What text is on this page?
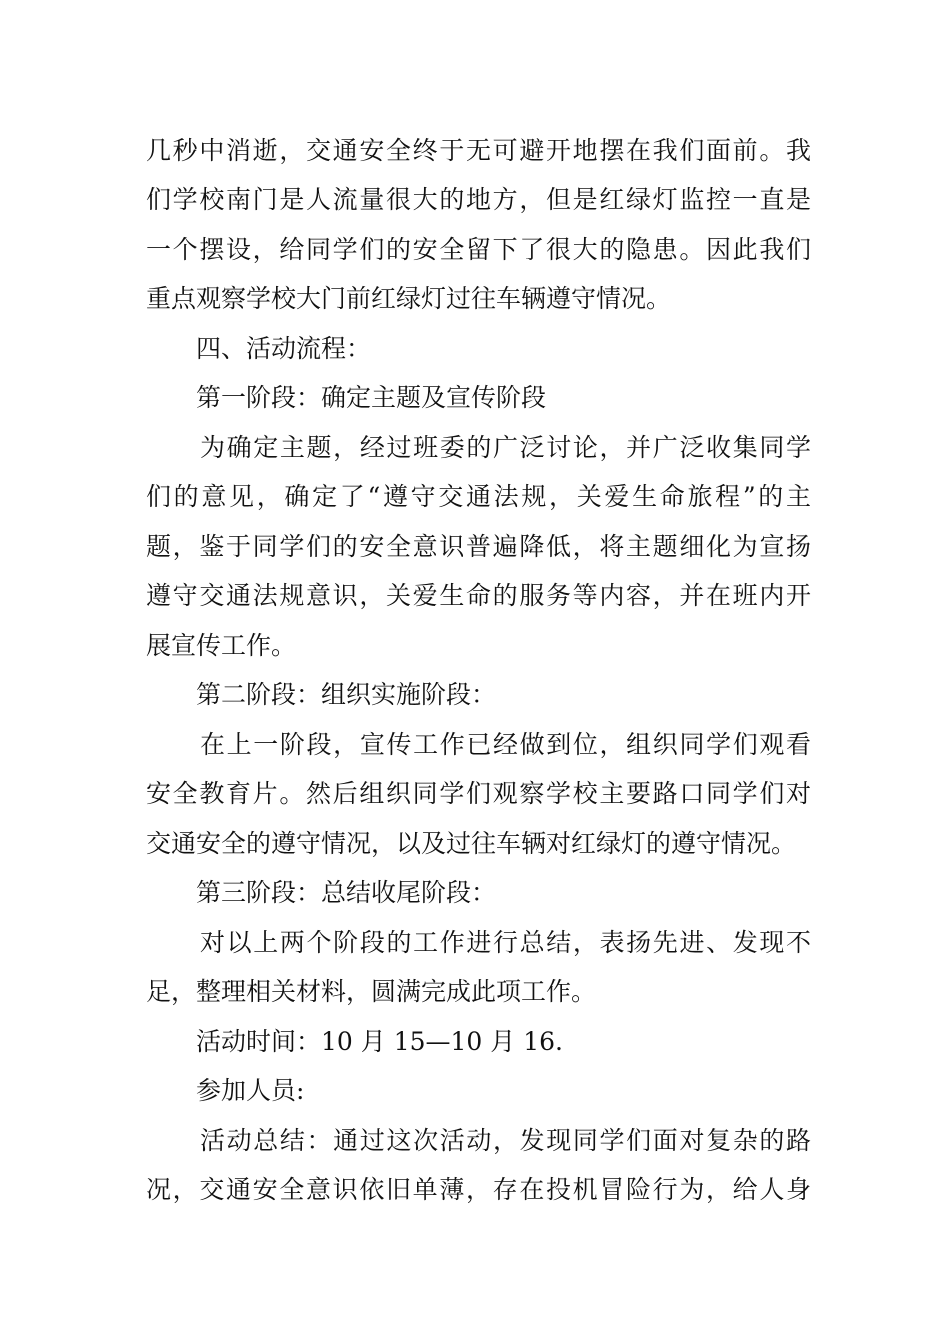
几秒中消逝，交通安全终于无可避开地摆在我们面前。我
们学校南门是人流量很大的地方，但是红绿灯监控一直是
一个摆设，给同学们的安全留下了很大的隐患。因此我们
重点观察学校大门前红绿灯过往车辆遵守情况。
四、活动流程：
第一阶段：确定主题及宣传阶段
为确定主题，经过班委的广泛讨论，并广泛收集同学
们的意见，确定了“遵守交通法规，关爱生命旅程”的主
题，鉴于同学们的安全意识普遍降低，将主题细化为宣扬
遵守交通法规意识，关爱生命的服务等内容，并在班内开
展宣传工作。
第二阶段：组织实施阶段：
在上一阶段，宣传工作已经做到位，组织同学们观看
安全教育片。然后组织同学们观察学校主要路口同学们对
交通安全的遵守情况，以及过往车辆对红绿灯的遵守情况。
第三阶段：总结收尾阶段：
对以上两个阶段的工作进行总结，表扬先进、发现不
足，整理相关材料，圆满完成此项工作。
活动时间：10 月 15—10 月 16.
参加人员:
活动总结：通过这次活动，发现同学们面对复杂的路
况，交通安全意识依旧单薄，存在投机冒险行为，给人身
